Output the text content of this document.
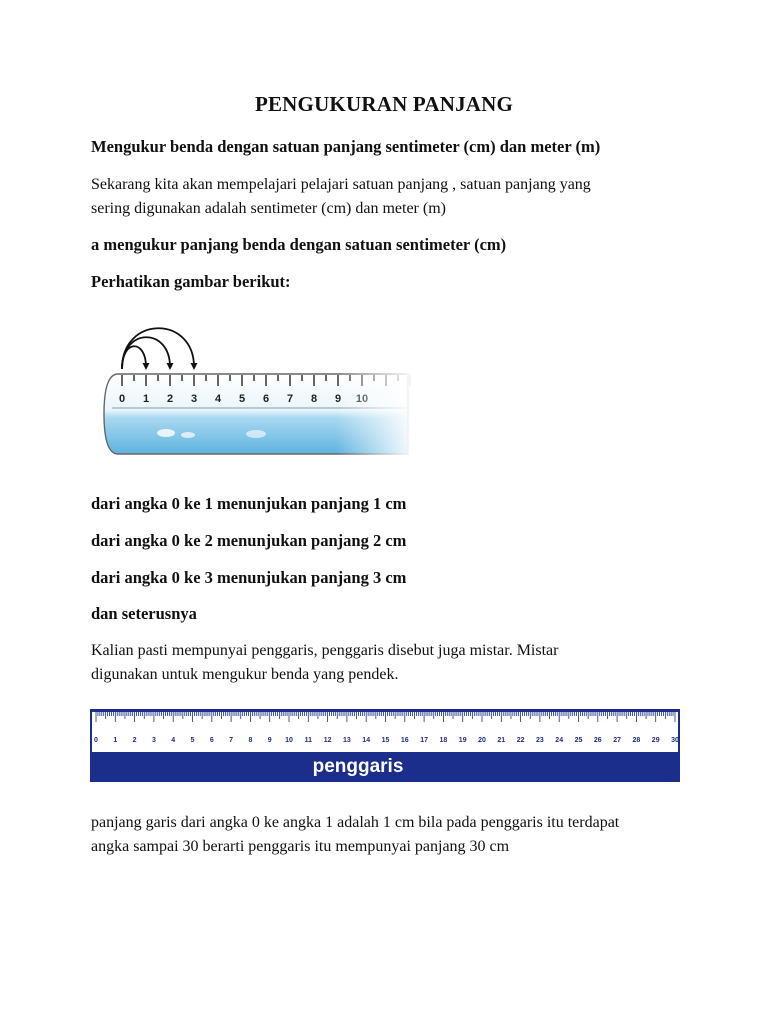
PENGUKURAN PANJANG
Mengukur benda dengan satuan panjang sentimeter (cm) dan meter (m)
Sekarang kita akan mempelajari pelajari satuan panjang , satuan panjang yang
sering digunakan adalah sentimeter (cm) dan meter (m)
a mengukur panjang benda dengan satuan sentimeter (cm)
Perhatikan gambar berikut:
dari angka 0 ke 1 menunjukan panjang 1 cm
dari angka 0 ke 2 menunjukan panjang 2 cm
dari angka 0 ke 3 menunjukan panjang 3 cm
dan seterusnya
Kalian pasti mempunyai penggaris, penggaris disebut juga mistar. Mistar
digunakan untuk mengukur benda yang pendek.
0 1 2 3 4 5 6 7 8 9 10 11 12 13 14 15 16 17 18 19 20 21 22 23 24 25 26 27 28 29 30
penggaris
panjang garis dari angka 0 ke angka 1 adalah 1 cm bila pada penggaris itu terdapat
angka sampai 30 berarti penggaris itu mempunyai panjang 30 cm
